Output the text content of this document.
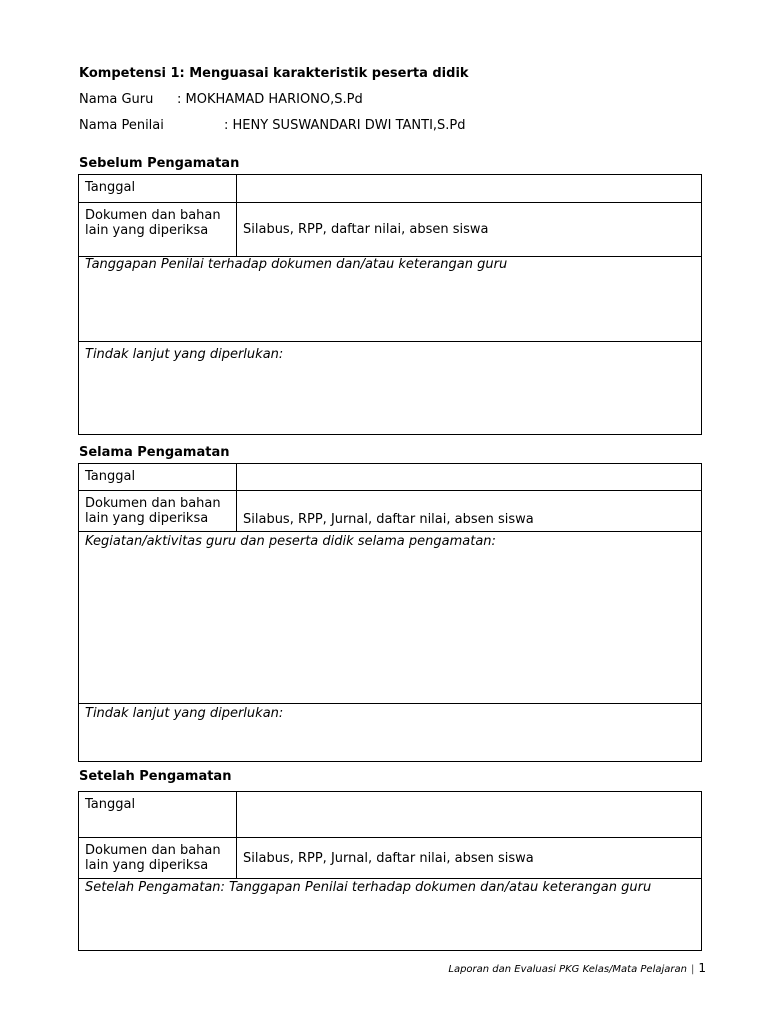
Kompetensi 1: Menguasai karakteristik peserta didik
Nama Guru : MOKHAMAD HARIONO,S.Pd
Nama Penilai	: HENY SUSWANDARI DWI TANTI,S.Pd
Sebelum Pengamatan
Tanggal	

Dokumen dan bahan
lain yang diperiksa	Silabus, RPP, daftar nilai, absen siswa
Tanggapan Penilai terhadap dokumen dan/atau keterangan guru	
Tindak lanjut yang diperlukan:	
Selama Pengamatan
Tanggal	

Dokumen dan bahan
lain yang diperiksa	Silabus, RPP, Jurnal, daftar nilai, absen siswa
Kegiatan/aktivitas guru dan peserta didik selama pengamatan:	
Tindak lanjut yang diperlukan:	
Setelah Pengamatan
Tanggal	

Dokumen dan bahan
lain yang diperiksa	Silabus, RPP, Jurnal, daftar nilai, absen siswa
Setelah Pengamatan: Tanggapan Penilai terhadap dokumen dan/atau keterangan guru	
Laporan dan Evaluasi PKG Kelas/Mata Pelajaran | 1
